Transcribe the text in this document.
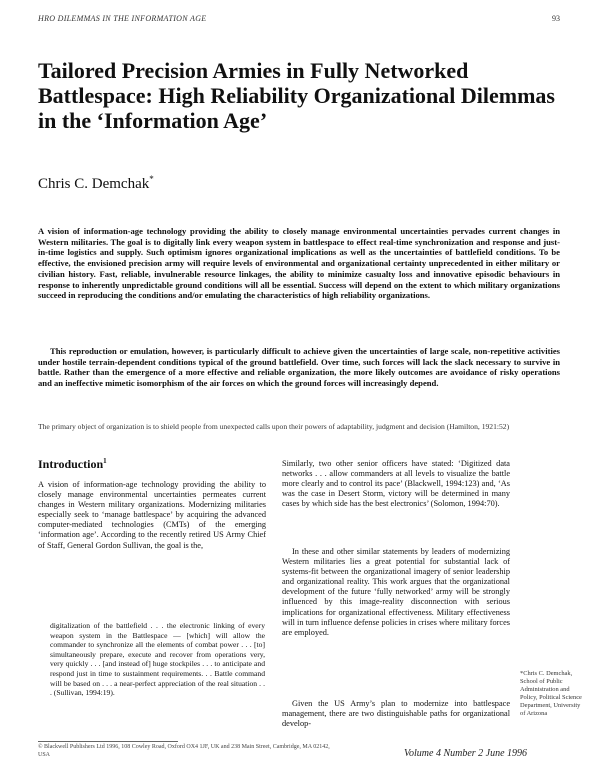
HRO DILEMMAS IN THE INFORMATION AGE	93
Tailored Precision Armies in Fully Networked Battlespace: High Reliability Organizational Dilemmas in the ‘Information Age’
Chris C. Demchak*

A vision of information-age technology providing the ability to closely manage environmental uncertainties pervades current changes in Western militaries. The goal is to digitally link every weapon system in battlespace to effect real-time synchronization and response and just-in-time logistics and supply. Such optimism ignores organizational implications as well as the uncertainties of battlefield conditions. To be effective, the envisioned precision army will require levels of environmental and organizational certainty unprecedented in either military or civilian history. Fast, reliable, invulnerable resource linkages, the ability to minimize casualty loss and innovative episodic behaviours in response to inherently unpredictable ground conditions will all be essential. Success will depend on the extent to which military organizations succeed in reproducing the conditions and/or emulating the characteristics of high reliability organizations.

This reproduction or emulation, however, is particularly difficult to achieve given the uncertainties of large scale, non-repetitive activities under hostile terrain-dependent conditions typical of the ground battlefield. Over time, such forces will lack the slack necessary to survive in battle. Rather than the emergence of a more effective and reliable organization, the more likely outcomes are avoidance of risky operations and an ineffective mimetic isomorphism of the air forces on which the ground forces will increasingly depend.

The primary object of organization is to shield people from unexpected calls upon their powers of adaptability, judgment and decision (Hamilton, 1921:52)

Introduction$^1$

A vision of information-age technology providing the ability to closely manage environmental uncertainties permeates current changes in Western military organizations. Modernizing militaries especially seek to ‘manage battlespace’ by acquiring the advanced computer-mediated technologies (CMTs) of the emerging ‘information age’. According to the recently retired US Army Chief of Staff, General Gordon Sullivan, the goal is the,

digitalization of the battlefield . . . the electronic linking of every weapon system in the Battlespace — [which] will allow the commander to synchronize all the elements of combat power . . . [to] simultaneously prepare, execute and recover from operations very, very quickly . . . [and instead of] huge stockpiles . . . to anticipate and respond just in time to sustainment requirements. . . Battle command will be based on . . . a near-perfect appreciation of the real situation . . . (Sullivan, 1994:19).

Similarly, two other senior officers have stated: ‘Digitized data networks . . . allow commanders at all levels to visualize the battle more clearly and to control its pace’ (Blackwell, 1994:123) and, ‘As was the case in Desert Storm, victory will be determined in many cases by which side has the best electronics’ (Solomon, 1994:70).

In these and other similar statements by leaders of modernizing Western militaries lies a great potential for substantial lack of systems-fit between the organizational imagery of senior leadership and organizational reality. This work argues that the organizational development of the future ‘fully networked’ army will be strongly influenced by this image-reality disconnection with serious implications for organizational effectiveness. Military effectiveness will in turn influence defense policies in crises where military forces are employed.

Given the US Army’s plan to modernize into battlespace management, there are two distinguishable paths for organizational develop-

*Chris C. Demchak, School of Public Administration and Policy, Political Science Department, University of Arizona

© Blackwell Publishers Ltd 1996, 108 Cowley Road, Oxford OX4 1JF, UK and 238 Main Street, Cambridge, MA 02142, USA	Volume 4 Number 2 June 1996
